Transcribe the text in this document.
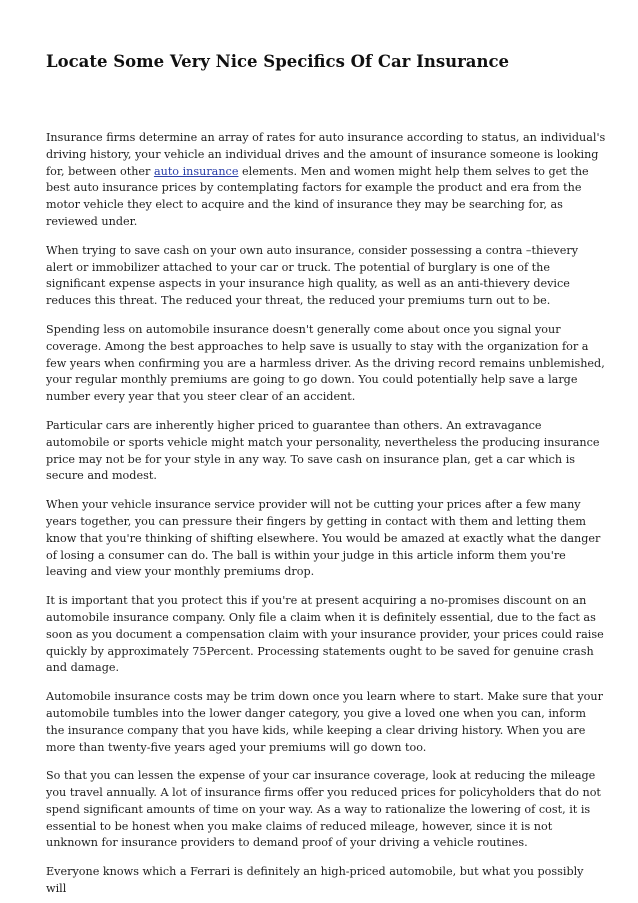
Locate Some Very Nice Specifics Of Car Insurance

Insurance firms determine an array of rates for auto insurance according to status, an individual's driving history, your vehicle an individual drives and the amount of insurance someone is looking for, between other auto insurance elements. Men and women might help them selves to get the best auto insurance prices by contemplating factors for example the product and era from the motor vehicle they elect to acquire and the kind of insurance they may be searching for, as reviewed under.

When trying to save cash on your own auto insurance, consider possessing a contra –thievery alert or immobilizer attached to your car or truck. The potential of burglary is one of the significant expense aspects in your insurance high quality, as well as an anti-thievery device reduces this threat. The reduced your threat, the reduced your premiums turn out to be.

Spending less on automobile insurance doesn't generally come about once you signal your coverage. Among the best approaches to help save is usually to stay with the organization for a few years when confirming you are a harmless driver. As the driving record remains unblemished, your regular monthly premiums are going to go down. You could potentially help save a large number every year that you steer clear of an accident.

Particular cars are inherently higher priced to guarantee than others. An extravagance automobile or sports vehicle might match your personality, nevertheless the producing insurance price may not be for your style in any way. To save cash on insurance plan, get a car which is secure and modest.

When your vehicle insurance service provider will not be cutting your prices after a few many years together, you can pressure their fingers by getting in contact with them and letting them know that you're thinking of shifting elsewhere. You would be amazed at exactly what the danger of losing a consumer can do. The ball is within your judge in this article inform them you're leaving and view your monthly premiums drop.

It is important that you protect this if you're at present acquiring a no-promises discount on an automobile insurance company. Only file a claim when it is definitely essential, due to the fact as soon as you document a compensation claim with your insurance provider, your prices could raise quickly by approximately 75Percent. Processing statements ought to be saved for genuine crash and damage.

Automobile insurance costs may be trim down once you learn where to start. Make sure that your automobile tumbles into the lower danger category, you give a loved one when you can, inform the insurance company that you have kids, while keeping a clear driving history. When you are more than twenty-five years aged your premiums will go down too.

So that you can lessen the expense of your car insurance coverage, look at reducing the mileage you travel annually. A lot of insurance firms offer you reduced prices for policyholders that do not spend significant amounts of time on your way. As a way to rationalize the lowering of cost, it is essential to be honest when you make claims of reduced mileage, however, since it is not unknown for insurance providers to demand proof of your driving a vehicle routines.

Everyone knows which a Ferrari is definitely an high-priced automobile, but what you possibly will
